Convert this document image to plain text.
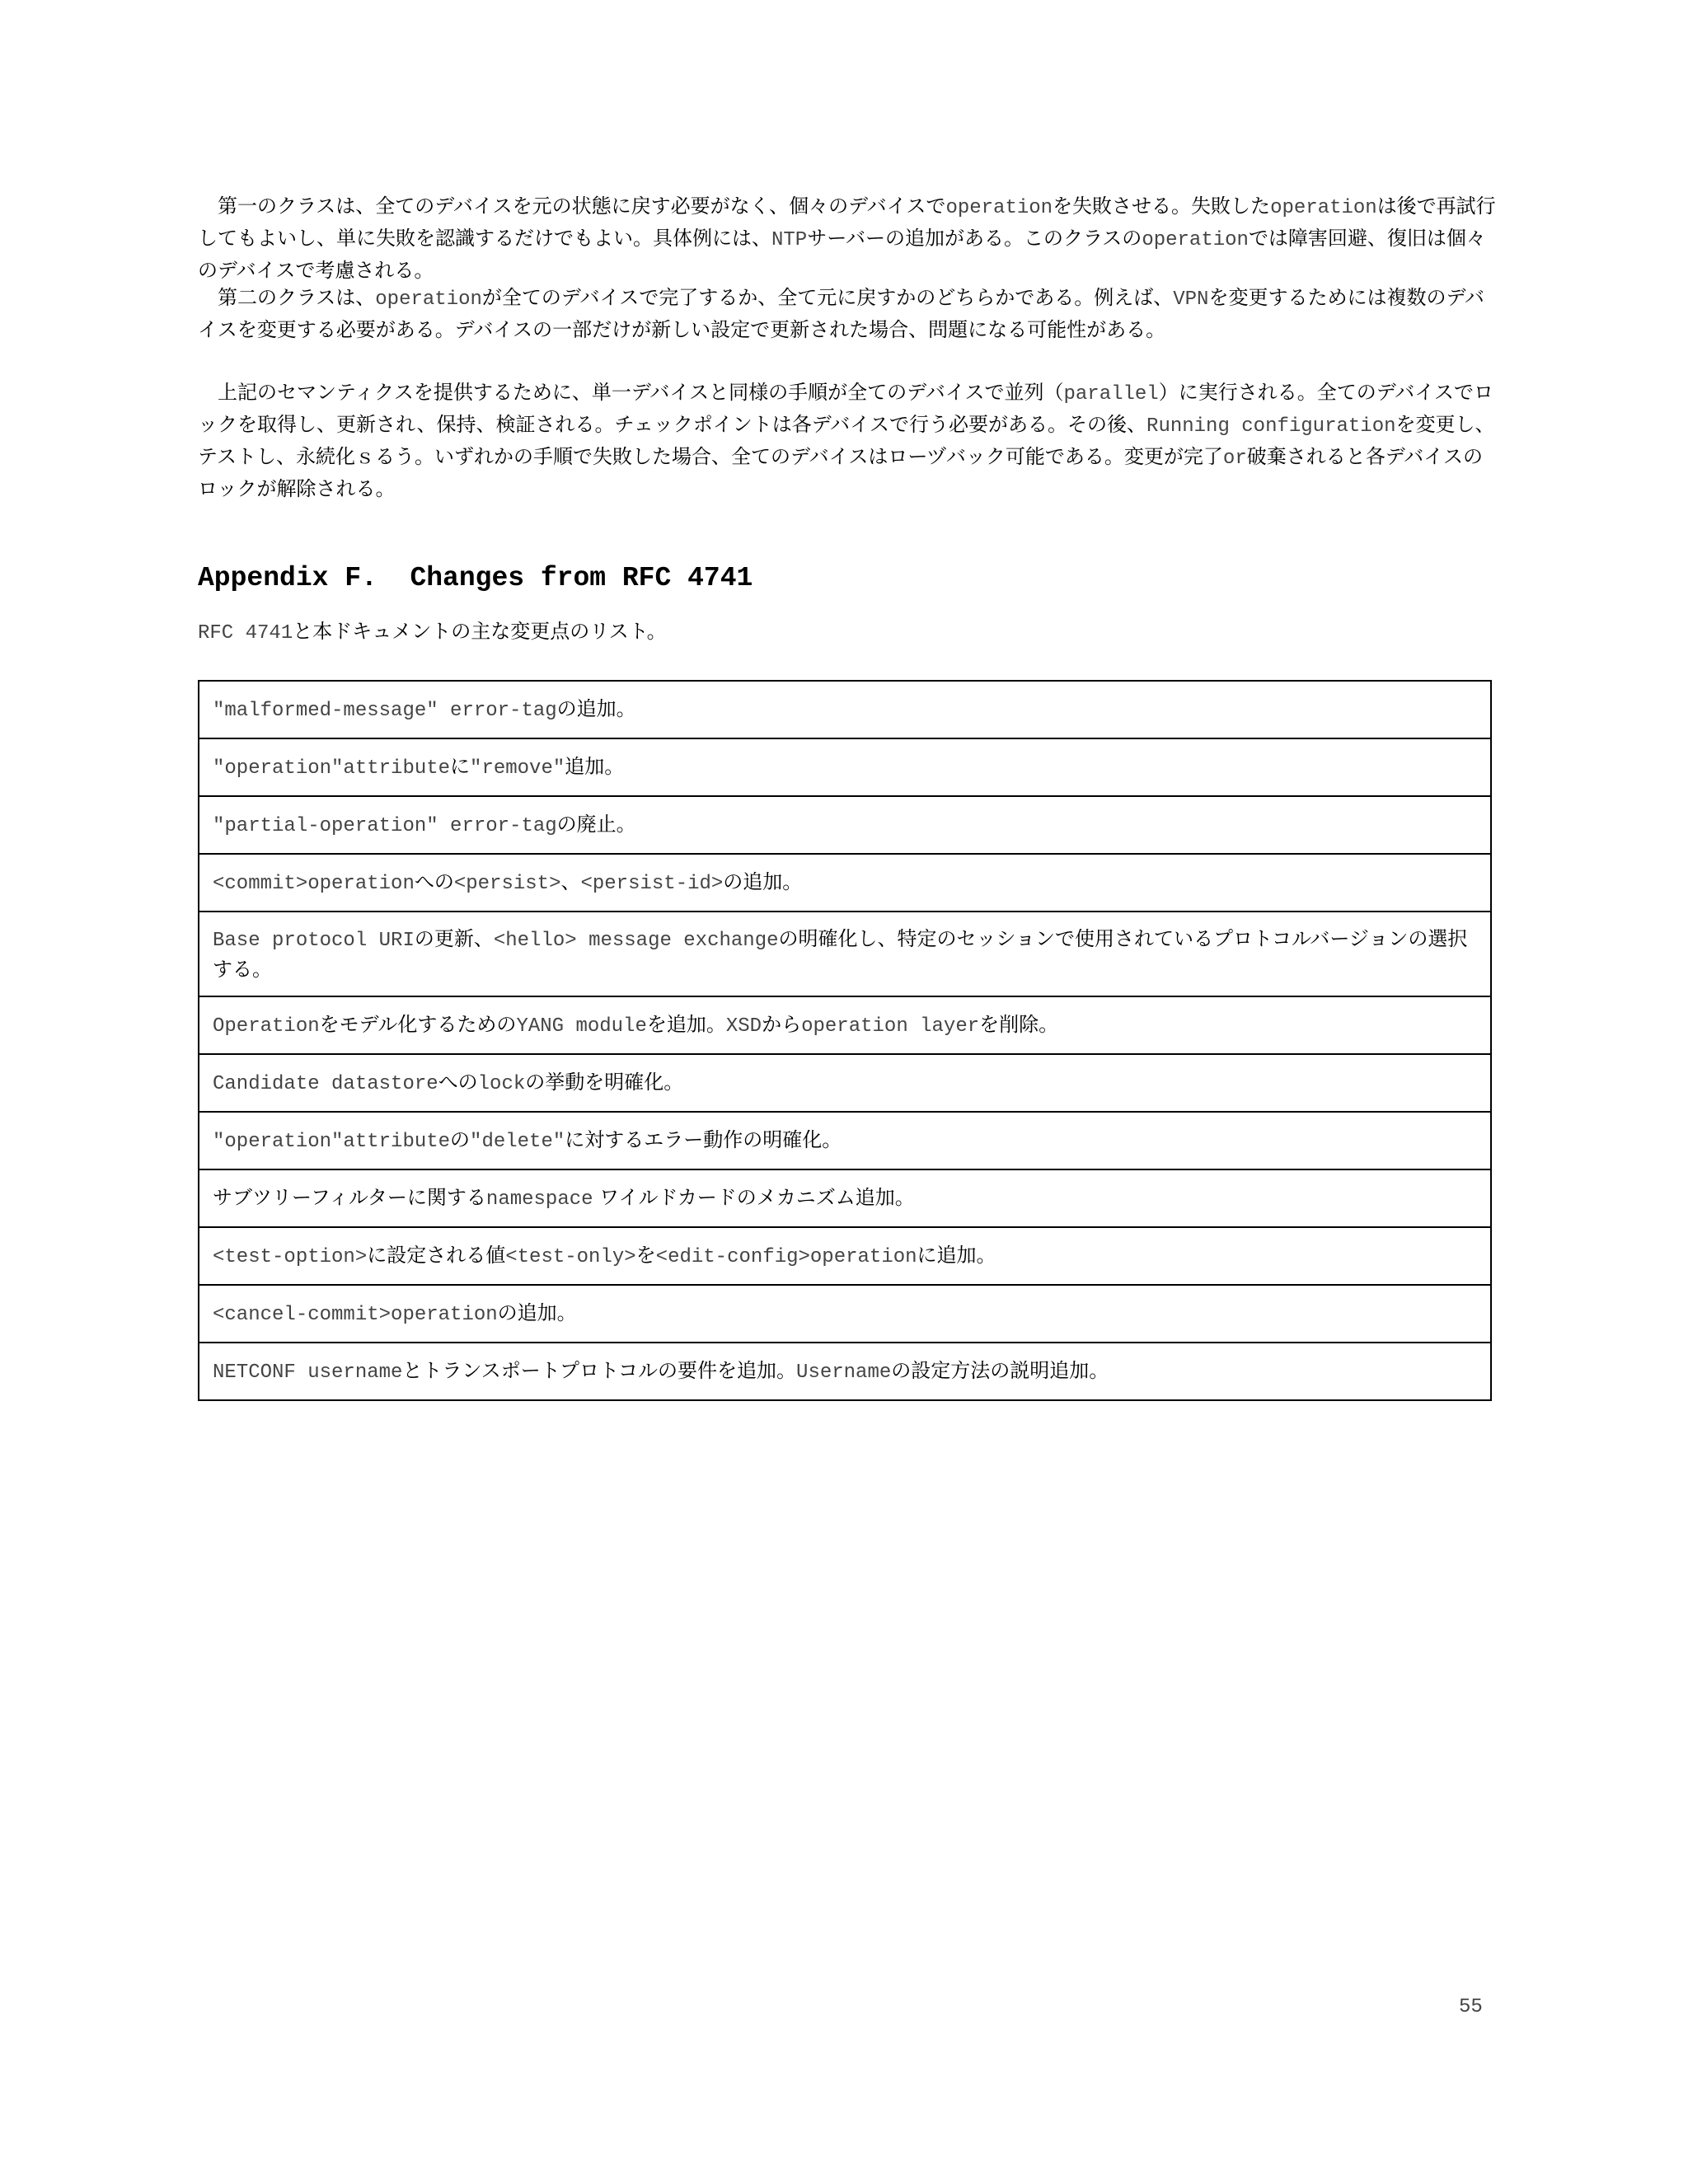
　第一のクラスは、全てのデバイスを元の状態に戻す必要がなく、個々のデバイスでoperationを失敗させる。失敗したoperationは後で再試行してもよいし、単に失敗を認識するだけでもよい。具体例には、NTPサーバーの追加がある。このクラスのoperationでは障害回避、復旧は個々のデバイスで考慮される。

　第二のクラスは、operationが全てのデバイスで完了するか、全て元に戻すかのどちらかである。例えば、VPNを変更するためには複数のデバイスを変更する必要がある。デバイスの一部だけが新しい設定で更新された場合、問題になる可能性がある。

　上記のセマンティクスを提供するために、単一デバイスと同様の手順が全てのデバイスで並列（parallel）に実行される。全てのデバイスでロックを取得し、更新され、保持、検証される。チェックポイントは各デバイスで行う必要がある。その後、Running configurationを変更し、テストし、永続化ｓるう。いずれかの手順で失敗した場合、全てのデバイスはローヅバック可能である。変更が完了or破棄されると各デバイスのロックが解除される。

Appendix F.  Changes from RFC 4741

RFC 4741と本ドキュメントの主な変更点のリスト。

"malformed-message" error-tagの追加。
"operation"attributeに"remove"追加。
"partial-operation" error-tagの廃止。
<commit>operationへの<persist>、<persist-id>の追加。
Base protocol URIの更新、<hello> message exchangeの明確化し、特定のセッションで使用されているプロトコルバージョンの選択する。
Operationをモデル化するためのYANG moduleを追加。XSDからoperation layerを削除。
Candidate datastoreへのlockの挙動を明確化。
"operation"attributeの"delete"に対するエラー動作の明確化。
サブツリーフィルターに関するnamespace ワイルドカードのメカニズム追加。
<test-option>に設定される値<test-only>を<edit-config>operationに追加。
<cancel-commit>operationの追加。
NETCONF usernameとトランスポートプロトコルの要件を追加。Usernameの設定方法の説明追加。
55
